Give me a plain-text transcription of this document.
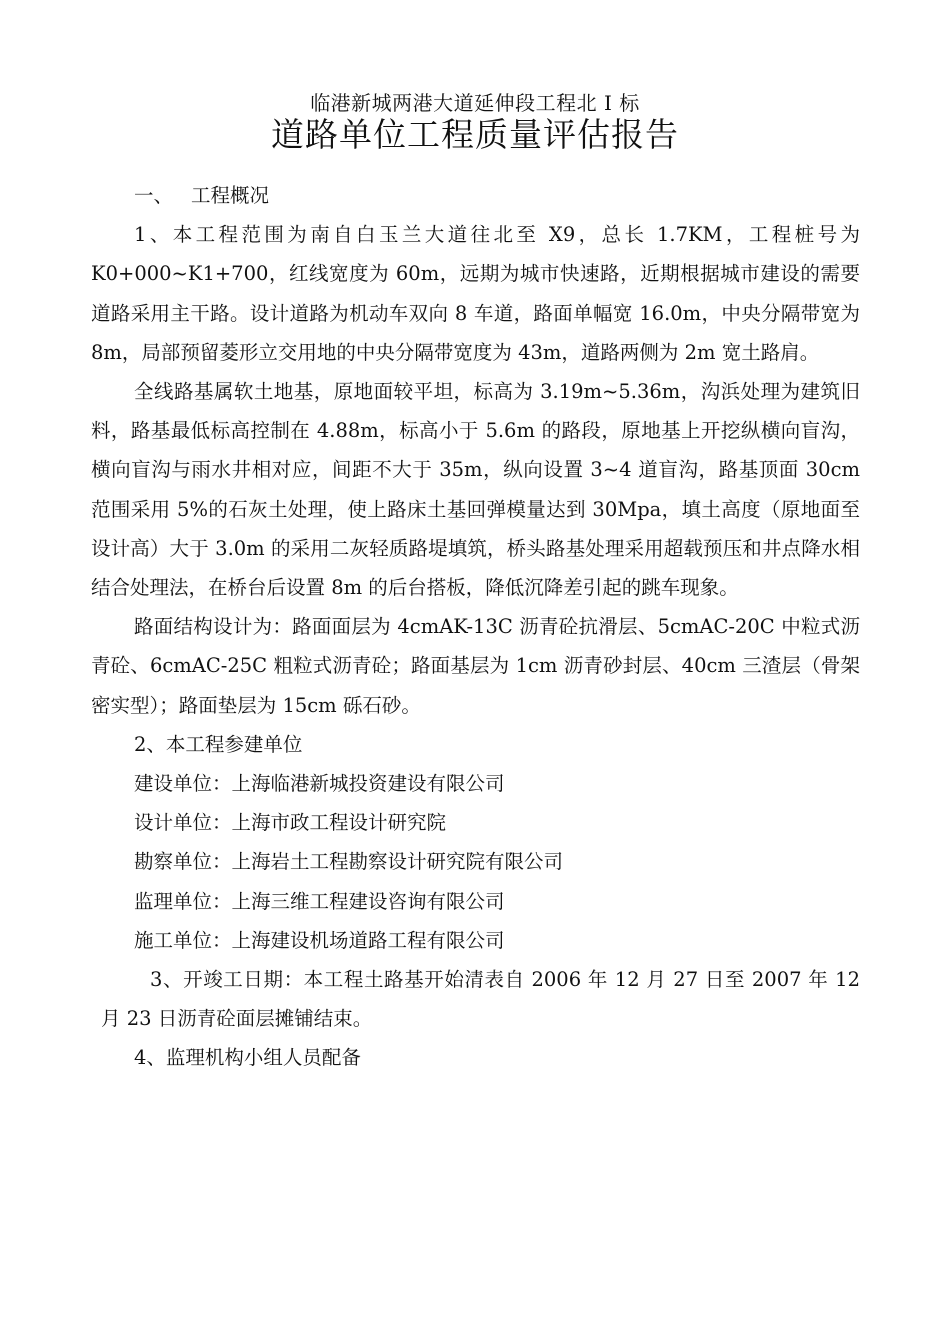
临港新城两港大道延伸段工程北 I 标
道路单位工程质量评估报告

一、 工程概况

1、本工程范围为南自白玉兰大道往北至 X9，总长 1.7KM，工程桩号为 K0+000~K1+700，红线宽度为 60m，远期为城市快速路，近期根据城市建设的需要道路采用主干路。设计道路为机动车双向 8 车道，路面单幅宽 16.0m，中央分隔带宽为 8m，局部预留菱形立交用地的中央分隔带宽度为 43m，道路两侧为 2m 宽土路肩。

全线路基属软土地基，原地面较平坦，标高为 3.19m~5.36m，沟浜处理为建筑旧料，路基最低标高控制在 4.88m，标高小于 5.6m 的路段，原地基上开挖纵横向盲沟，横向盲沟与雨水井相对应，间距不大于 35m，纵向设置 3~4 道盲沟，路基顶面 30cm 范围采用 5%的石灰土处理，使上路床土基回弹模量达到 30Mpa，填土高度（原地面至设计高）大于 3.0m 的采用二灰轻质路堤填筑，桥头路基处理采用超载预压和井点降水相结合处理法，在桥台后设置 8m 的后台搭板，降低沉降差引起的跳车现象。

路面结构设计为：路面面层为 4cmAK-13C 沥青砼抗滑层、5cmAC-20C 中粒式沥青砼、6cmAC-25C 粗粒式沥青砼；路面基层为 1cm 沥青砂封层、40cm 三渣层（骨架密实型）；路面垫层为 15cm 砾石砂。

2、本工程参建单位

建设单位：上海临港新城投资建设有限公司

设计单位：上海市政工程设计研究院

勘察单位：上海岩土工程勘察设计研究院有限公司

监理单位：上海三维工程建设咨询有限公司

施工单位：上海建设机场道路工程有限公司

3、开竣工日期：本工程土路基开始清表自 2006 年 12 月 27 日至 2007 年 12 月 23 日沥青砼面层摊铺结束。

4、监理机构小组人员配备
